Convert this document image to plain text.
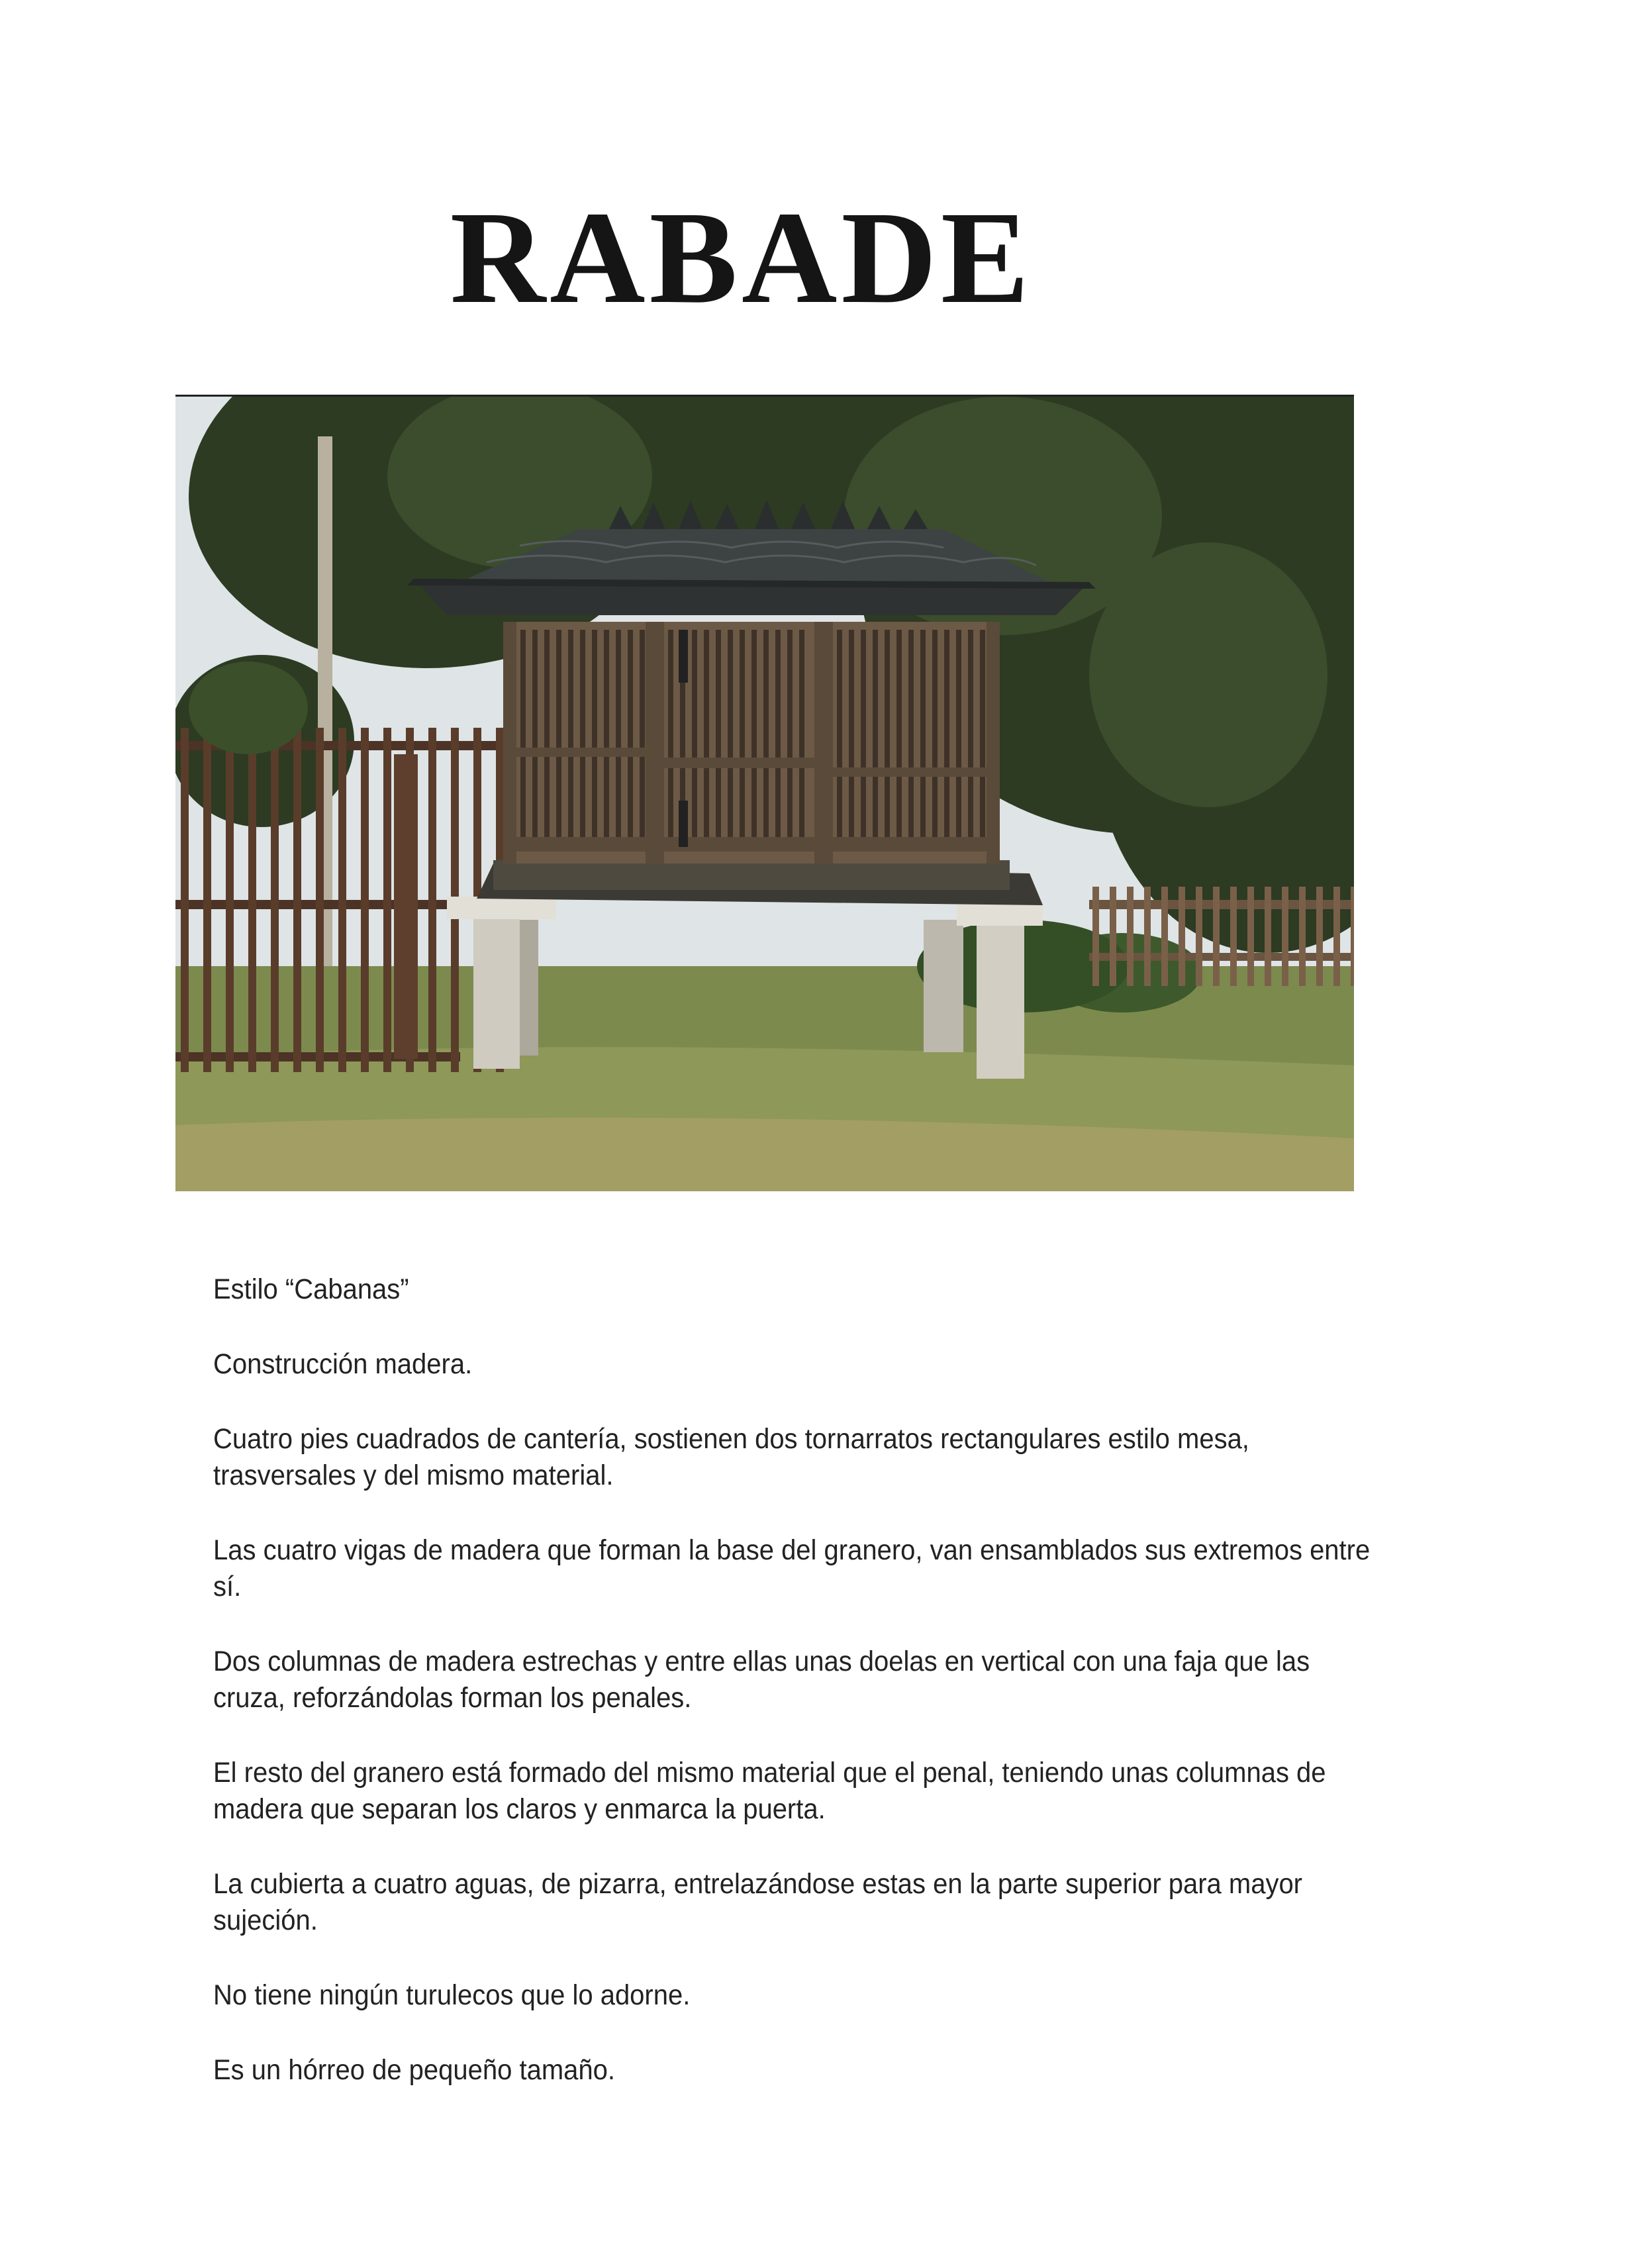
RABADE

Estilo “Cabanas”

Construcción madera.

Cuatro pies cuadrados de cantería, sostienen dos tornarratos rectangulares estilo mesa, trasversales y del mismo material.

Las cuatro vigas de madera que forman la base del granero, van ensamblados sus extremos entre sí.

Dos columnas de madera estrechas y entre ellas unas doelas en vertical con una faja que las cruza, reforzándolas forman los penales.

El resto del granero está formado del mismo material que el penal, teniendo unas columnas de madera que separan los claros y enmarca la puerta.

La cubierta a cuatro aguas, de pizarra, entrelazándose estas en la parte superior para mayor sujeción.

No tiene ningún turulecos que lo adorne.

Es un hórreo de pequeño tamaño.
